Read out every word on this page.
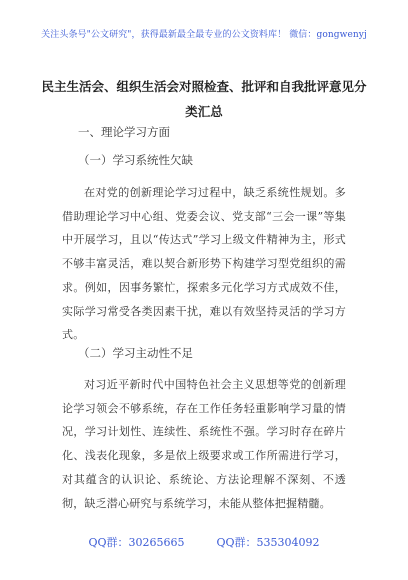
关注头条号"公文研究"，获得最新最全最专业的公文资料库！ 微信：gongwenyj
民主生活会、组织生活会对照检查、批评和自我批评意见分类汇总
一、理论学习方面
（一）学习系统性欠缺

在对党的创新理论学习过程中，缺乏系统性规划。多借助理论学习中心组、党委会议、党支部“三会一课”等集中开展学习，且以“传达式”学习上级文件精神为主，形式不够丰富灵活，难以契合新形势下构建学习型党组织的需求。例如，因事务繁忙，探索多元化学习方式成效不佳，实际学习常受各类因素干扰，难以有效坚持灵活的学习方式。

（二）学习主动性不足

对习近平新时代中国特色社会主义思想等党的创新理论学习领会不够系统，存在工作任务轻重影响学习量的情况，学习计划性、连续性、系统性不强。学习时存在碎片化、浅表化现象，多是依上级要求或工作所需进行学习，对其蕴含的认识论、系统论、方法论理解不深刻、不透彻，缺乏潜心研究与系统学习，未能从整体把握精髓。

QQ群：30265665	QQ群：535304092
